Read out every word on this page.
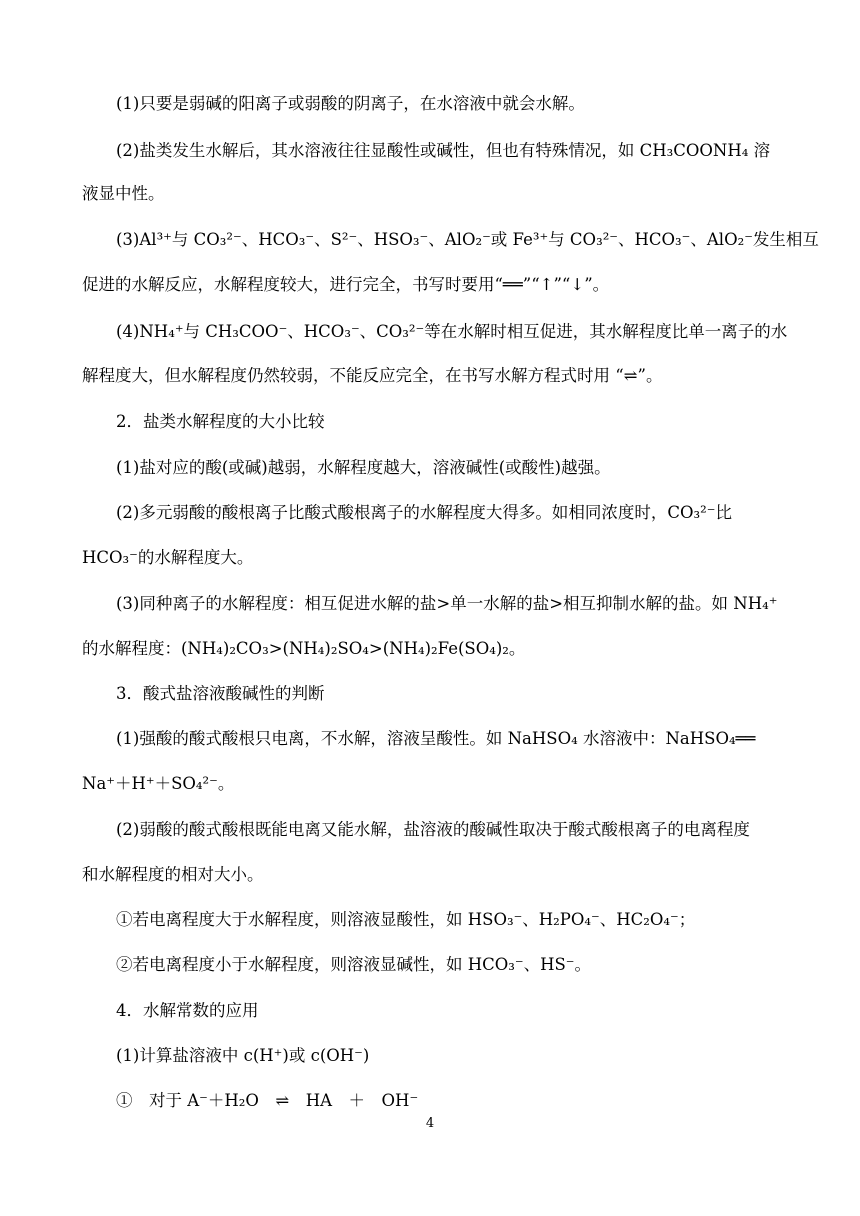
(1)只要是弱碱的阳离子或弱酸的阴离子，在水溶液中就会水解。
(2)盐类发生水解后，其水溶液往往显酸性或碱性，但也有特殊情况，如 CH₃COONH₄ 溶
液显中性。
(3)Al³⁺与 CO₃²⁻、HCO₃⁻、S²⁻、HSO₃⁻、AlO₂⁻或 Fe³⁺与 CO₃²⁻、HCO₃⁻、AlO₂⁻发生相互
促进的水解反应，水解程度较大，进行完全，书写时要用“══”“↑”“↓”。
(4)NH₄⁺与 CH₃COO⁻、HCO₃⁻、CO₃²⁻等在水解时相互促进，其水解程度比单一离子的水
解程度大，但水解程度仍然较弱，不能反应完全，在书写水解方程式时用 “⇌”。
2．盐类水解程度的大小比较
(1)盐对应的酸(或碱)越弱，水解程度越大，溶液碱性(或酸性)越强。
(2)多元弱酸的酸根离子比酸式酸根离子的水解程度大得多。如相同浓度时，CO₃²⁻比
HCO₃⁻的水解程度大。
(3)同种离子的水解程度：相互促进水解的盐>单一水解的盐>相互抑制水解的盐。如 NH₄⁺
的水解程度：(NH₄)₂CO₃>(NH₄)₂SO₄>(NH₄)₂Fe(SO₄)₂。
3．酸式盐溶液酸碱性的判断
(1)强酸的酸式酸根只电离，不水解，溶液呈酸性。如 NaHSO₄ 水溶液中：NaHSO₄══
Na⁺＋H⁺＋SO₄²⁻。
(2)弱酸的酸式酸根既能电离又能水解，盐溶液的酸碱性取决于酸式酸根离子的电离程度
和水解程度的相对大小。
①若电离程度大于水解程度，则溶液显酸性，如 HSO₃⁻、H₂PO₄⁻、HC₂O₄⁻；
②若电离程度小于水解程度，则溶液显碱性，如 HCO₃⁻、HS⁻。
4．水解常数的应用
(1)计算盐溶液中 c(H⁺)或 c(OH⁻)
①　对于 A⁻＋H₂O　⇌　HA　＋　OH⁻
4
